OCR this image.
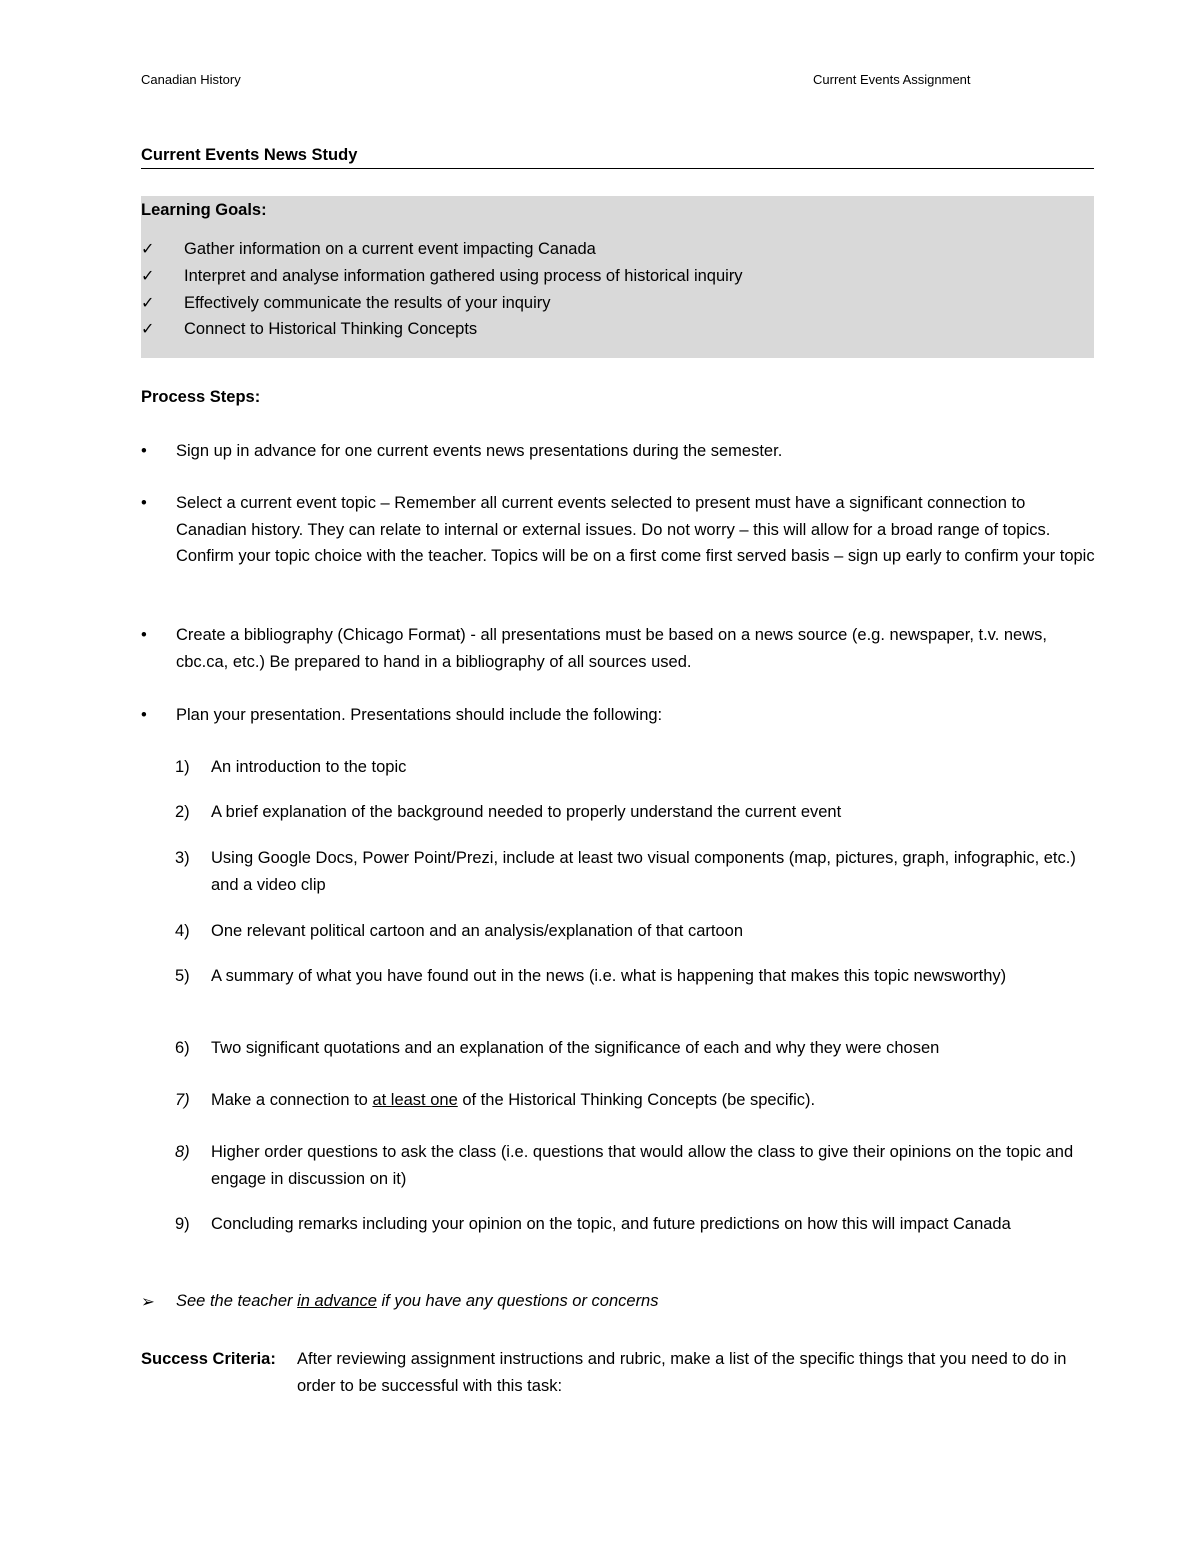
Canadian History	Current Events Assignment
Current Events News Study
Learning Goals:
✓ Gather information on a current event impacting Canada
✓ Interpret and analyse information gathered using process of historical inquiry
✓ Effectively communicate the results of your inquiry
✓ Connect to Historical Thinking Concepts
Process Steps:
• Sign up in advance for one current events news presentations during the semester.
• Select a current event topic – Remember all current events selected to present must have a significant connection to Canadian history. They can relate to internal or external issues. Do not worry – this will allow for a broad range of topics. Confirm your topic choice with the teacher. Topics will be on a first come first served basis – sign up early to confirm your topic
• Create a bibliography (Chicago Format) - all presentations must be based on a news source (e.g. newspaper, t.v. news, cbc.ca, etc.) Be prepared to hand in a bibliography of all sources used.
• Plan your presentation. Presentations should include the following:
1) An introduction to the topic
2) A brief explanation of the background needed to properly understand the current event
3) Using Google Docs, Power Point/Prezi, include at least two visual components (map, pictures, graph, infographic, etc.) and a video clip
4) One relevant political cartoon and an analysis/explanation of that cartoon
5) A summary of what you have found out in the news (i.e. what is happening that makes this topic newsworthy)
6) Two significant quotations and an explanation of the significance of each and why they were chosen
7) Make a connection to at least one of the Historical Thinking Concepts (be specific).
8) Higher order questions to ask the class (i.e. questions that would allow the class to give their opinions on the topic and engage in discussion on it)
9) Concluding remarks including your opinion on the topic, and future predictions on how this will impact Canada
➢ See the teacher in advance if you have any questions or concerns
Success Criteria: After reviewing assignment instructions and rubric, make a list of the specific things that you need to do in order to be successful with this task:
